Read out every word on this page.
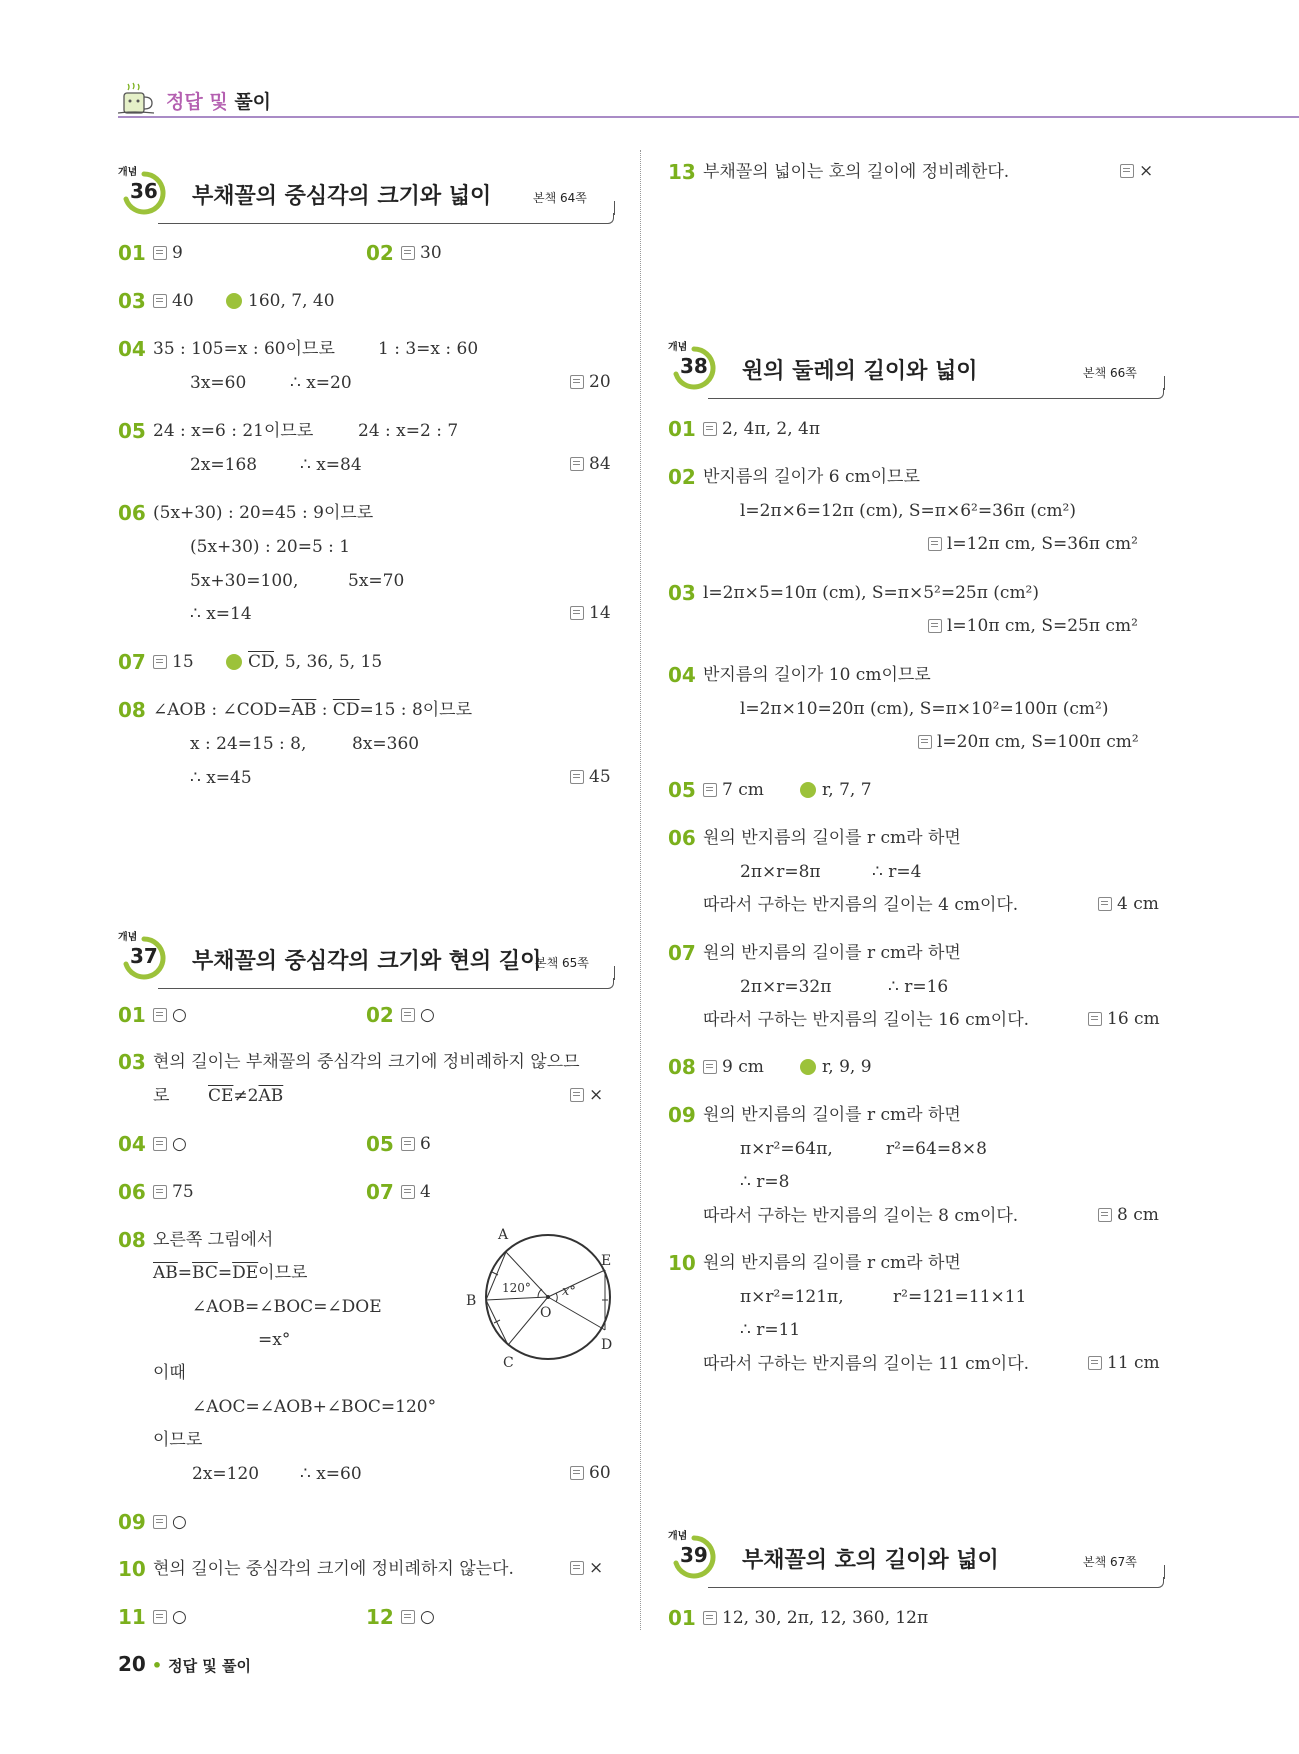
정답 및 풀이
개념
36 부채꼴의 중심각의 크기와 넓이	본책 64쪽
01	9	02	30
03	40	160, 7, 40
04 35 : 105=x : 60이므로	1 : 3=x : 60
3x=60	∴ x=20	20
05 24 : x=6 : 21이므로	24 : x=2 : 7
2x=168	∴ x=84	84
06 (5x+30) : 20=45 : 9이므로
(5x+30) : 20=5 : 1
5x+30=100,	5x=70
∴ x=14	14
07	15	$\overline{CD}$, 5, 36, 5, 15
08 ∠AOB : $\angle COD=\overline{AB}$ : $\overline{CD}=15$ : 8이므로
x : 24=15 : 8,	8x=360
∴ x=45	45
개념
37 부채꼴의 중심각의 크기와 현의 길이
본책 65쪽
01	○	02	○
03 현의 길이는 부채꼴의 중심각의 크기에 정비례하지 않으므
로 $\overline{CE}\ne 2\overline{AB}$	×
04	○	05	6
06	75	07	4
08 오른쪽 그림에서
$\overline{AB}=\overline{BC}=\overline{DE}$이므로
∠AOB=∠BOC=∠DOE
=x°
이때
∠AOC=∠AOB+∠BOC=120°
이므로
2x=120 ∴ x=60	60
A
B
C
D
E
O
120° x°
09	○
10 현의 길이는 중심각의 크기에 정비례하지 않는다.	×
11	○	12	○
13 부채꼴의 넓이는 호의 길이에 정비례한다.	×
개념
38 원의 둘레의 길이와 넓이	본책 66쪽
01	2, 4π, 2, 4π
02 반지름의 길이가 6 cm이므로
l=2π×6=12π (cm), S=π×6²=36π (cm²)
l=12π cm, S=36π cm²
03 l=2π×5=10π (cm), S=π×5²=25π (cm²)
l=10π cm, S=25π cm²
04 반지름의 길이가 10 cm이므로
l=2π×10=20π (cm), S=π×10²=100π (cm²)
l=20π cm, S=100π cm²
05	7 cm	r, 7, 7
06 원의 반지름의 길이를 r cm라 하면
2π×r=8π	∴ r=4
따라서 구하는 반지름의 길이는 4 cm이다.	4 cm
07 원의 반지름의 길이를 r cm라 하면
2π×r=32π	∴ r=16
따라서 구하는 반지름의 길이는 16 cm이다.	16 cm
08	9 cm	r, 9, 9
09 원의 반지름의 길이를 r cm라 하면
π×r²=64π,	r²=64=8×8
∴ r=8
따라서 구하는 반지름의 길이는 8 cm이다.	8 cm
10 원의 반지름의 길이를 r cm라 하면
π×r²=121π,	r²=121=11×11
∴ r=11
따라서 구하는 반지름의 길이는 11 cm이다.	11 cm
개념
39 부채꼴의 호의 길이와 넓이	본책 67쪽
01	12, 30, 2π, 12, 360, 12π
20 • 정답 및 풀이
